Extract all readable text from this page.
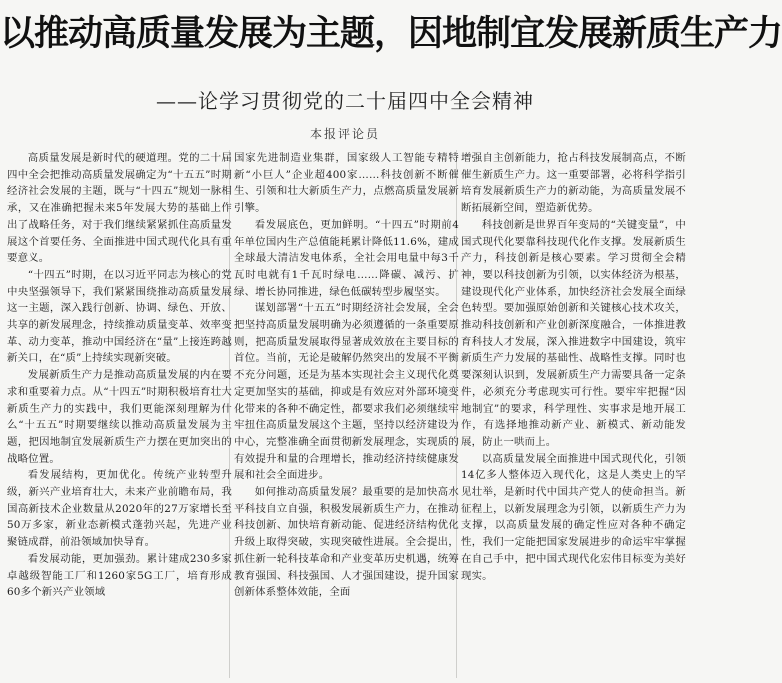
以推动高质量发展为主题，因地制宜发展新质生产力
——论学习贯彻党的二十届四中全会精神
本报评论员

高质量发展是新时代的硬道理。党的二十届四中全会把推动高质量发展确定为“十五五”时期经济社会发展的主题，既与“十四五”规划一脉相承，又在准确把握未来5年发展大势的基础上作出了战略任务，对于我们继续紧紧抓住高质量发展这个首要任务、全面推进中国式现代化具有重要意义。

“十四五”时期，在以习近平同志为核心的党中央坚强领导下，我们紧紧围绕推动高质量发展这一主题，深入践行创新、协调、绿色、开放、共享的新发展理念，持续推动质量变革、效率变革、动力变革，推动中国经济在“量”上接连跨越新关口，在“质”上持续实现新突破。

发展新质生产力是推动高质量发展的内在要求和重要着力点。从“十四五”时期积极培育壮大新质生产力的实践中，我们更能深刻理解为什么“十五五”时期要继续以推动高质量发展为主题，把因地制宜发展新质生产力摆在更加突出的战略位置。

看发展结构，更加优化。传统产业转型升级，新兴产业培育壮大，未来产业前瞻布局，我国高新技术企业数量从2020年的27万家增长至50万多家，新业态新模式蓬勃兴起，先进产业聚链成群，前沿领域加快导育。

看发展动能，更加强劲。累计建成230多家卓越级智能工厂和1260家5G工厂，培育形成60多个新兴产业领域

国家先进制造业集群，国家级人工智能专精特新“小巨人”企业超400家……科技创新不断催生、引领和壮大新质生产力，点燃高质量发展新引擎。

看发展底色，更加鲜明。“十四五”时期前4年单位国内生产总值能耗累计降低11.6%，建成全球最大清洁发电体系，全社会用电量中每3千瓦时电就有1千瓦时绿电……降碳、减污、扩绿、增长协同推进，绿色低碳转型步履坚实。

谋划部署“十五五”时期经济社会发展，全会把坚持高质量发展明确为必须遵循的一条重要原则，把高质量发展取得显著成效放在主要目标的首位。当前，无论是破解仍然突出的发展不平衡不充分问题，还是为基本实现社会主义现代化奠定更加坚实的基础，抑或是有效应对外部环境变化带来的各种不确定性，都要求我们必须继续牢牢扭住高质量发展这个主题，坚持以经济建设为中心，完整准确全面贯彻新发展理念，实现质的有效提升和量的合理增长，推动经济持续健康发展和社会全面进步。

如何推动高质量发展？最重要的是加快高水平科技自立自强，积极发展新质生产力，在推动科技创新、加快培育新动能、促进经济结构优化升级上取得突破，实现突破性进展。全会提出，抓住新一轮科技革命和产业变革历史机遇，统筹教育强国、科技强国、人才强国建设，提升国家创新体系整体效能，全面

增强自主创新能力，抢占科技发展制高点，不断催生新质生产力。这一重要部署，必将科学指引培育发展新质生产力的新动能，为高质量发展不断拓展新空间，塑造新优势。

科技创新是世界百年变局的“关键变量”，中国式现代化要靠科技现代化作支撑。发展新质生产力，科技创新是核心要素。学习贯彻全会精神，要以科技创新为引领，以实体经济为根基，建设现代化产业体系，加快经济社会发展全面绿色转型。要加强原始创新和关键核心技术攻关，推动科技创新和产业创新深度融合，一体推进教育科技人才发展，深入推进数字中国建设，筑牢新质生产力发展的基础性、战略性支撑。同时也要深刻认识到，发展新质生产力需要具备一定条件，必须充分考虑现实可行性。要牢牢把握“因地制宜”的要求，科学理性、实事求是地开展工作，有选择地推动新产业、新模式、新动能发展，防止一哄而上。

以高质量发展全面推进中国式现代化，引领14亿多人整体迈入现代化，这是人类史上的罕见壮举，是新时代中国共产党人的使命担当。新征程上，以新发展理念为引领，以新质生产力为支撑，以高质量发展的确定性应对各种不确定性，我们一定能把国家发展进步的命运牢牢掌握在自己手中，把中国式现代化宏伟目标变为美好现实。
